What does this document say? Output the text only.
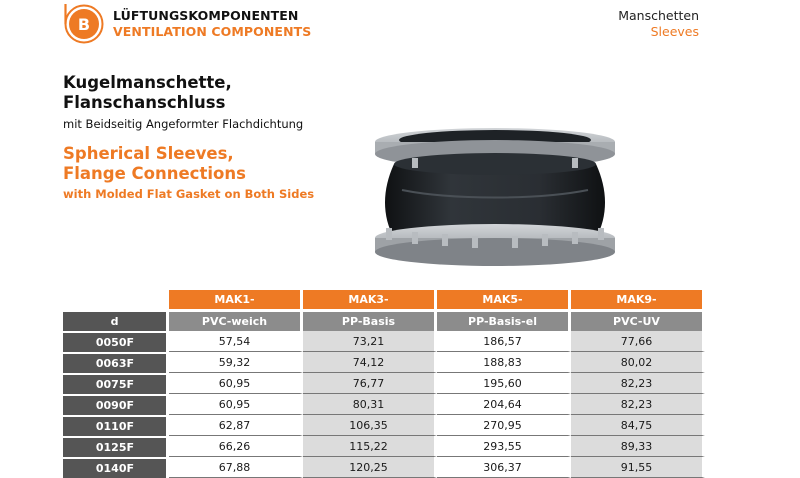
B LÜFTUNGSKOMPONENTEN
VENTILATION COMPONENTS
Manschetten
Sleeves
Kugelmanschette,
Flanschanschluss
mit Beidseitig Angeformter Flachdichtung
Spherical Sleeves,
Flange Connections
with Molded Flat Gasket on Both Sides
	MAK1-	MAK3-	MAK5-	MAK9-
d	PVC-weich	PP-Basis	PP-Basis-el	PVC-UV
0050F	57,54	73,21	186,57	77,66
0063F	59,32	74,12	188,83	80,02
0075F	60,95	76,77	195,60	82,23
0090F	60,95	80,31	204,64	82,23
0110F	62,87	106,35	270,95	84,75
0125F	66,26	115,22	293,55	89,33
0140F	67,88	120,25	306,37	91,55
